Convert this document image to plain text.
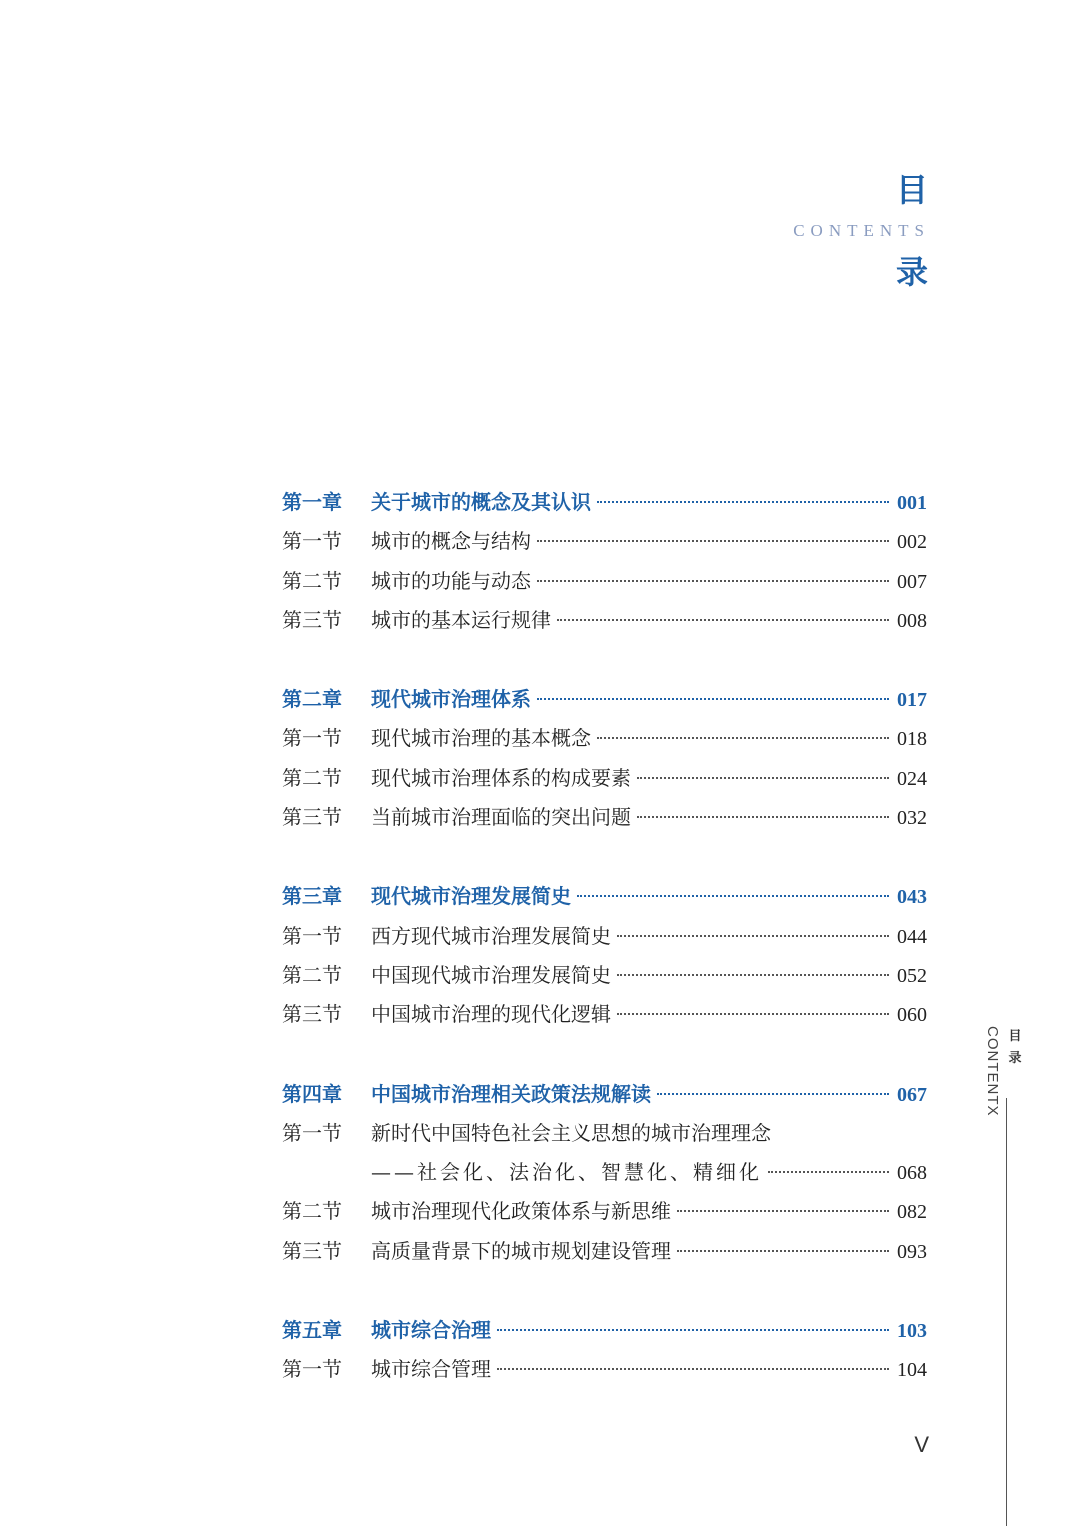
目
CONTENTS
录
第一章	关于城市的概念及其认识	001
第一节	城市的概念与结构	002
第二节	城市的功能与动态	007
第三节	城市的基本运行规律	008
第二章	现代城市治理体系	017
第一节	现代城市治理的基本概念	018
第二节	现代城市治理体系的构成要素	024
第三节	当前城市治理面临的突出问题	032
第三章	现代城市治理发展简史	043
第一节	西方现代城市治理发展简史	044
第二节	中国现代城市治理发展简史	052
第三节	中国城市治理的现代化逻辑	060
第四章	中国城市治理相关政策法规解读	067
第一节	新时代中国特色社会主义思想的城市治理理念
——社会化、法治化、智慧化、精细化	068
第二节	城市治理现代化政策体系与新思维	082
第三节	高质量背景下的城市规划建设管理	093
第五章	城市综合治理	103
第一节	城市综合管理	104
CONTENTX 目
录
V
